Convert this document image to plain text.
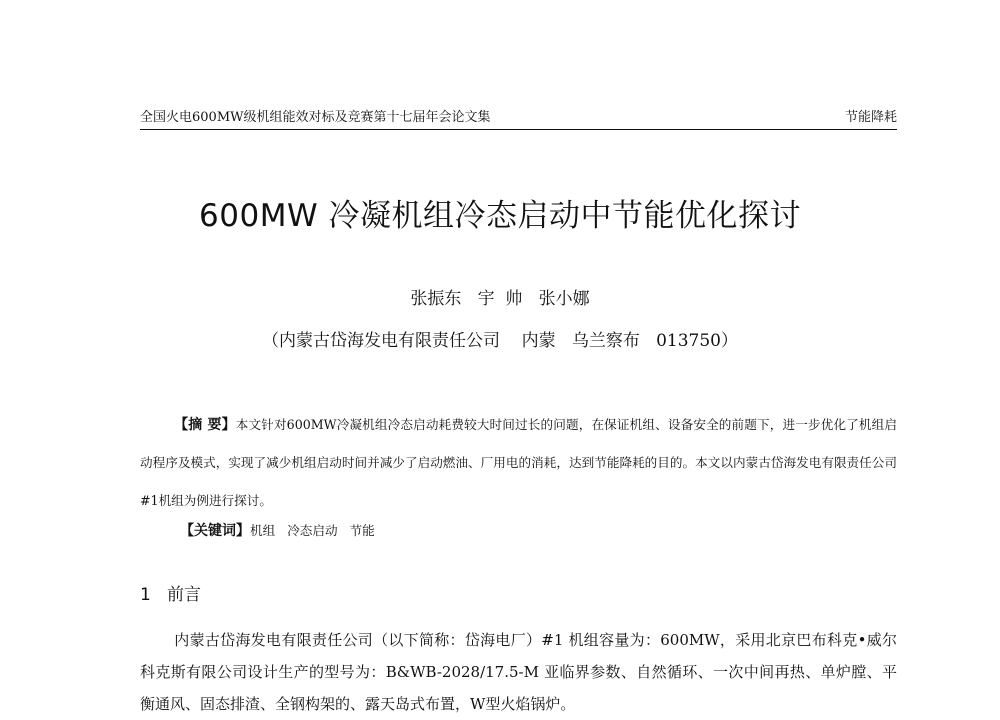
全国火电600MW级机组能效对标及竞赛第十七届年会论文集	节能降耗
600MW 冷凝机组冷态启动中节能优化探讨
张振东   宇  帅   张小娜
（内蒙古岱海发电有限责任公司    内蒙   乌兰察布   013750）
【摘 要】本文针对600MW冷凝机组冷态启动耗费较大时间过长的问题，在保证机组、设备安全的前题下，进一步优化了机组启动程序及模式，实现了减少机组启动时间并减少了启动燃油、厂用电的消耗，达到节能降耗的目的。本文以内蒙古岱海发电有限责任公司#1机组为例进行探讨。
【关键词】机组   冷态启动   节能
1 前言
内蒙古岱海发电有限责任公司（以下简称：岱海电厂）#1 机组容量为：600MW，采用北京巴布科克•威尔科克斯有限公司设计生产的型号为：B&WB-2028/17.5-M 亚临界参数、自然循环、一次中间再热、单炉膛、平衡通风、固态排渣、全钢构架的、露天岛式布置，W型火焰锅炉。
